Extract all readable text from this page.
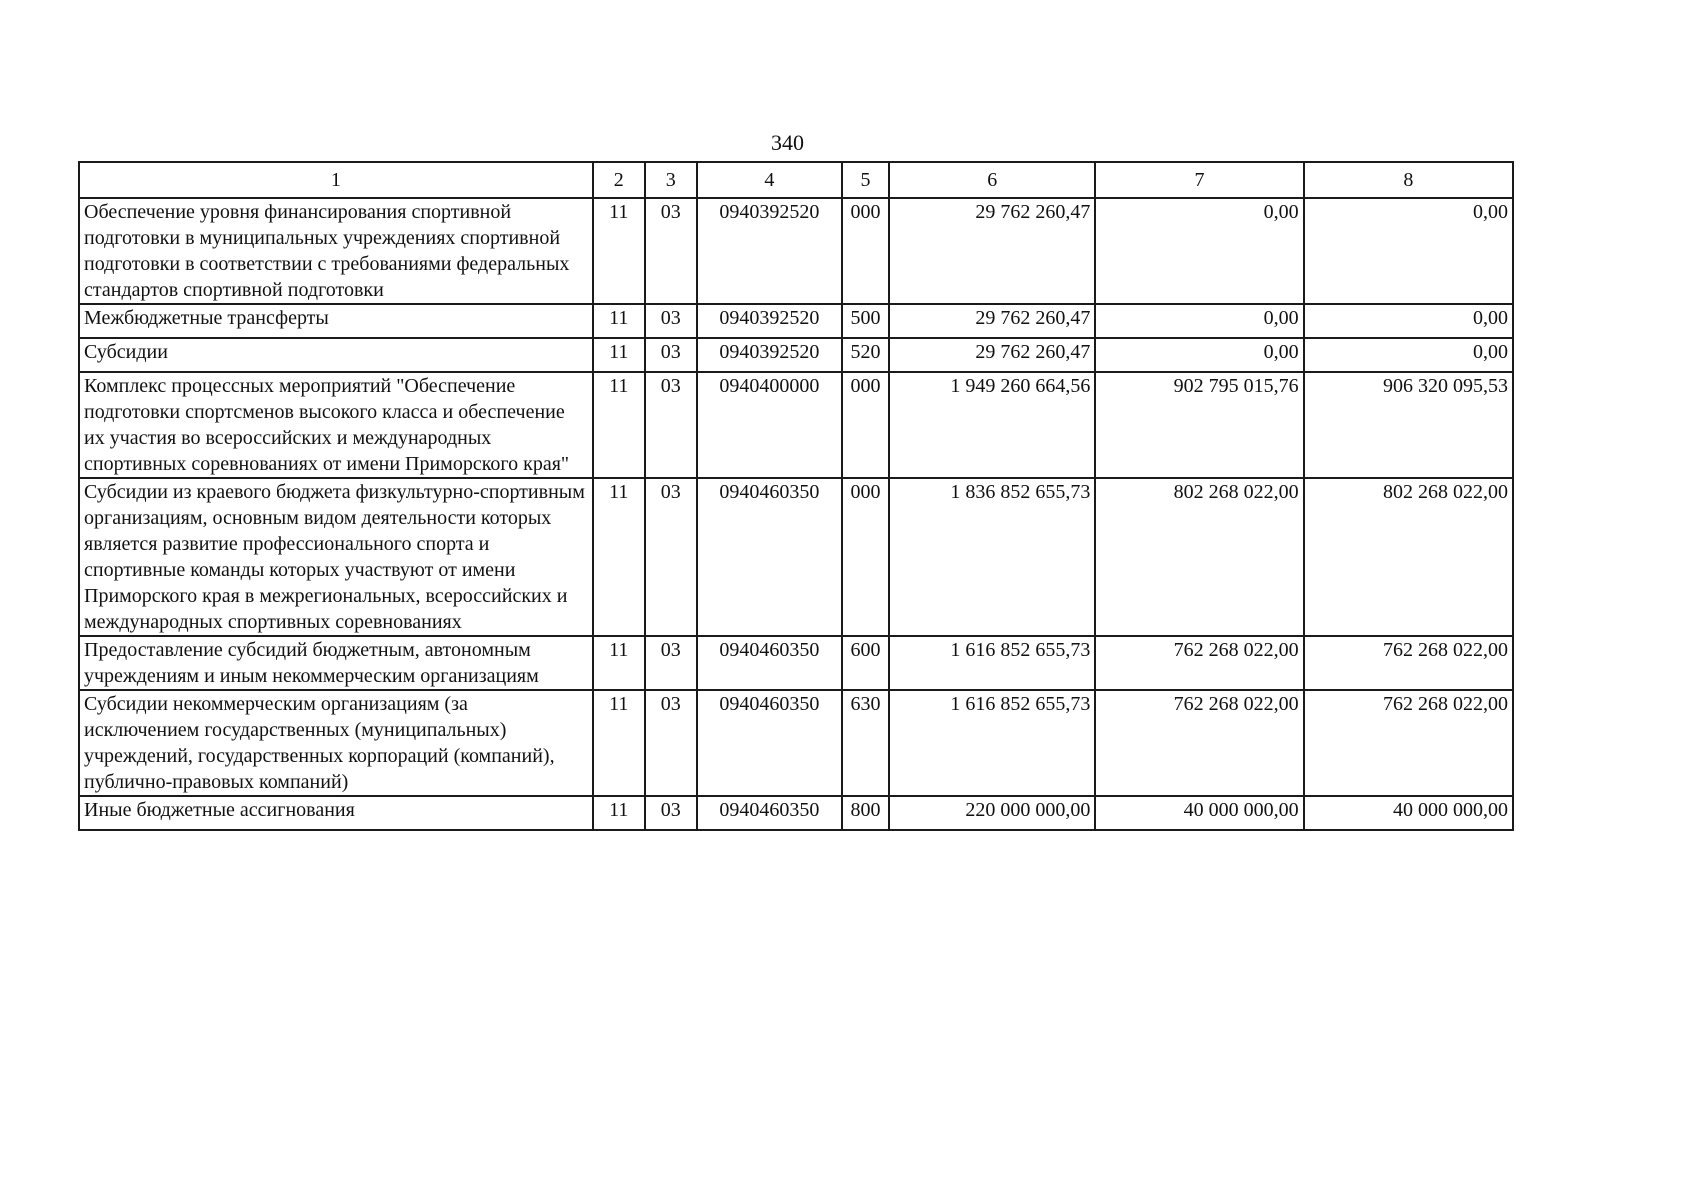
340
1	2	3	4	5	6	7	8
Обеспечение уровня финансирования спортивной подготовки в муниципальных учреждениях спортивной подготовки в соответствии с требованиями федеральных стандартов спортивной подготовки	11	03	0940392520	000	29 762 260,47	0,00	0,00
Межбюджетные трансферты	11	03	0940392520	500	29 762 260,47	0,00	0,00
Субсидии	11	03	0940392520	520	29 762 260,47	0,00	0,00
Комплекс процессных мероприятий "Обеспечение подготовки спортсменов высокого класса и обеспечение их участия во всероссийских и международных спортивных соревнованиях от имени Приморского края"	11	03	0940400000	000	1 949 260 664,56	902 795 015,76	906 320 095,53
Субсидии из краевого бюджета физкультурно-спортивным организациям, основным видом деятельности которых является развитие профессионального спорта и спортивные команды которых участвуют от имени Приморского края в межрегиональных, всероссийских и международных спортивных соревнованиях	11	03	0940460350	000	1 836 852 655,73	802 268 022,00	802 268 022,00
Предоставление субсидий бюджетным, автономным учреждениям и иным некоммерческим организациям	11	03	0940460350	600	1 616 852 655,73	762 268 022,00	762 268 022,00
Субсидии некоммерческим организациям (за исключением государственных (муниципальных) учреждений, государственных корпораций (компаний), публично-правовых компаний)	11	03	0940460350	630	1 616 852 655,73	762 268 022,00	762 268 022,00
Иные бюджетные ассигнования	11	03	0940460350	800	220 000 000,00	40 000 000,00	40 000 000,00
